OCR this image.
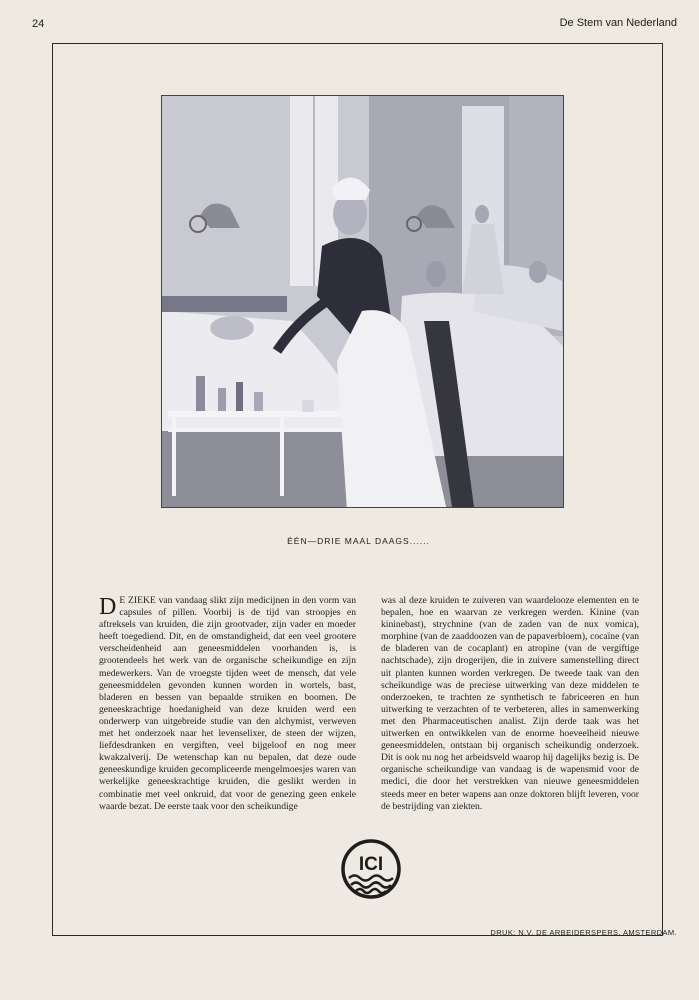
24	De Stem van Nederland
ÉÉN—DRIE MAAL DAAGS......
D E ZIEKE van vandaag slikt zijn medicijnen in den vorm van capsules of pillen. Voorbij is de tijd van stroopjes en aftreksels van kruiden, die zijn grootvader, zijn vader en moeder heeft toegediend. Dit, en de omstandigheid, dat een veel grootere verscheidenheid aan geneesmiddelen voorhanden is, is grootendeels het werk van de organische scheikundige en zijn medewerkers. Van de vroegste tijden weet de mensch, dat vele geneesmiddelen gevonden kunnen worden in wortels, bast, bladeren en bessen van bepaalde struiken en boomen. De geneeskrachtige hoedanigheid van deze kruiden werd een onderwerp van uitgebreide studie van den alchymist, verweven met het onderzoek naar het levenselixer, de steen der wijzen, liefdesdranken en vergiften, veel bijgeloof en nog meer kwakzalverij. De wetenschap kan nu bepalen, dat deze oude geneeskundige kruiden gecompliceerde mengelmoesjes waren van werkelijke geneeskrachtige kruiden, die geslikt werden in combinatie met veel onkruid, dat voor de genezing geen enkele waarde bezat. De eerste taak voor den scheikundige
was al deze kruiden te zuiveren van waardelooze elementen en te bepalen, hoe en waarvan ze verkregen werden. Kinine (van kininebast), strychnine (van de zaden van de nux vomica), morphine (van de zaaddoozen van de papaverbloem), cocaïne (van de bladeren van de cocaplant) en atropine (van de vergiftige nachtschade), zijn drogerijen, die in zuivere samenstelling direct uit planten kunnen worden verkregen. De tweede taak van den scheikundige was de preciese uitwerking van deze middelen te onderzoeken, te trachten ze synthetisch te fabriceeren en hun uitwerking te verzachten of te verbeteren, alles in samenwerking met den Pharmaceutischen analist. Zijn derde taak was het uitwerken en ontwikkelen van de enorme hoeveelheid nieuwe geneesmiddelen, ontstaan bij organisch scheikundig onderzoek. Dit is ook nu nog het arbeidsveld waarop hij dagelijks bezig is. De organische scheikundige van vandaag is de wapensmid voor de medici, die door het verstrekken van nieuwe geneesmiddelen steeds meer en beter wapens aan onze doktoren blijft leveren, voor de bestrijding van ziekten.
ICI
DRUK: N.V. DE ARBEIDERSPERS, AMSTERDAM.
